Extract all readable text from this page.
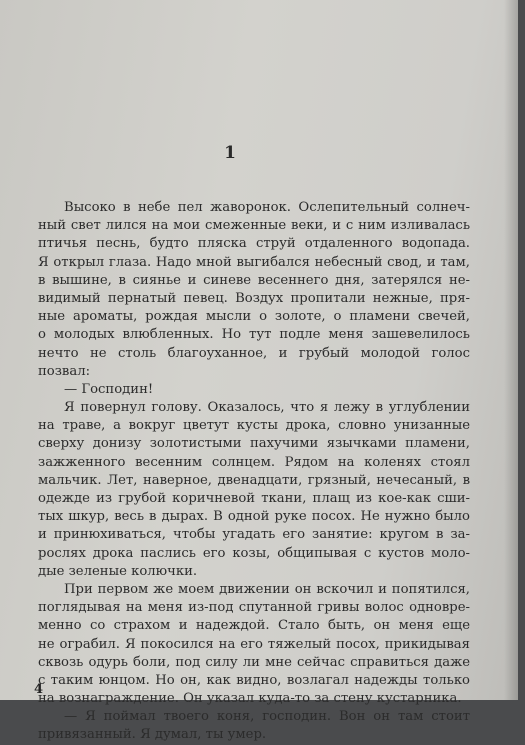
1
Высоко в небе пел жаворонок. Ослепительный солнеч-
ный свет лился на мои смеженные веки, и с ним изливалась
птичья песнь, будто пляска струй отдаленного водопада.
Я открыл глаза. Надо мной выгибался небесный свод, и там,
в вышине, в сиянье и синеве весеннего дня, затерялся не-
видимый пернатый певец. Воздух пропитали нежные, пря-
ные ароматы, рождая мысли о золоте, о пламени свечей,
о молодых влюбленных. Но тут подле меня зашевелилось
нечто не столь благоуханное, и грубый молодой голос
позвал:
— Господин!
Я повернул голову. Оказалось, что я лежу в углублении
на траве, а вокруг цветут кусты дрока, словно унизанные
сверху донизу золотистыми пахучими язычками пламени,
зажженного весенним солнцем. Рядом на коленях стоял
мальчик. Лет, наверное, двенадцати, грязный, нечесаный, в
одежде из грубой коричневой ткани, плащ из кое-как сши-
тых шкур, весь в дырах. В одной руке посох. Не нужно было
и принюхиваться, чтобы угадать его занятие: кругом в за-
рослях дрока паслись его козы, общипывая с кустов моло-
дые зеленые колючки.
При первом же моем движении он вскочил и попятился,
поглядывая на меня из-под спутанной гривы волос одновре-
менно со страхом и надеждой. Стало быть, он меня еще
не ограбил. Я покосился на его тяжелый посох, прикидывая
сквозь одурь боли, под силу ли мне сейчас справиться даже
с таким юнцом. Но он, как видно, возлагал надежды только
на вознаграждение. Он указал куда-то за стену кустарника.
— Я поймал твоего коня, господин. Вон он там стоит
привязанный. Я думал, ты умер.
4
